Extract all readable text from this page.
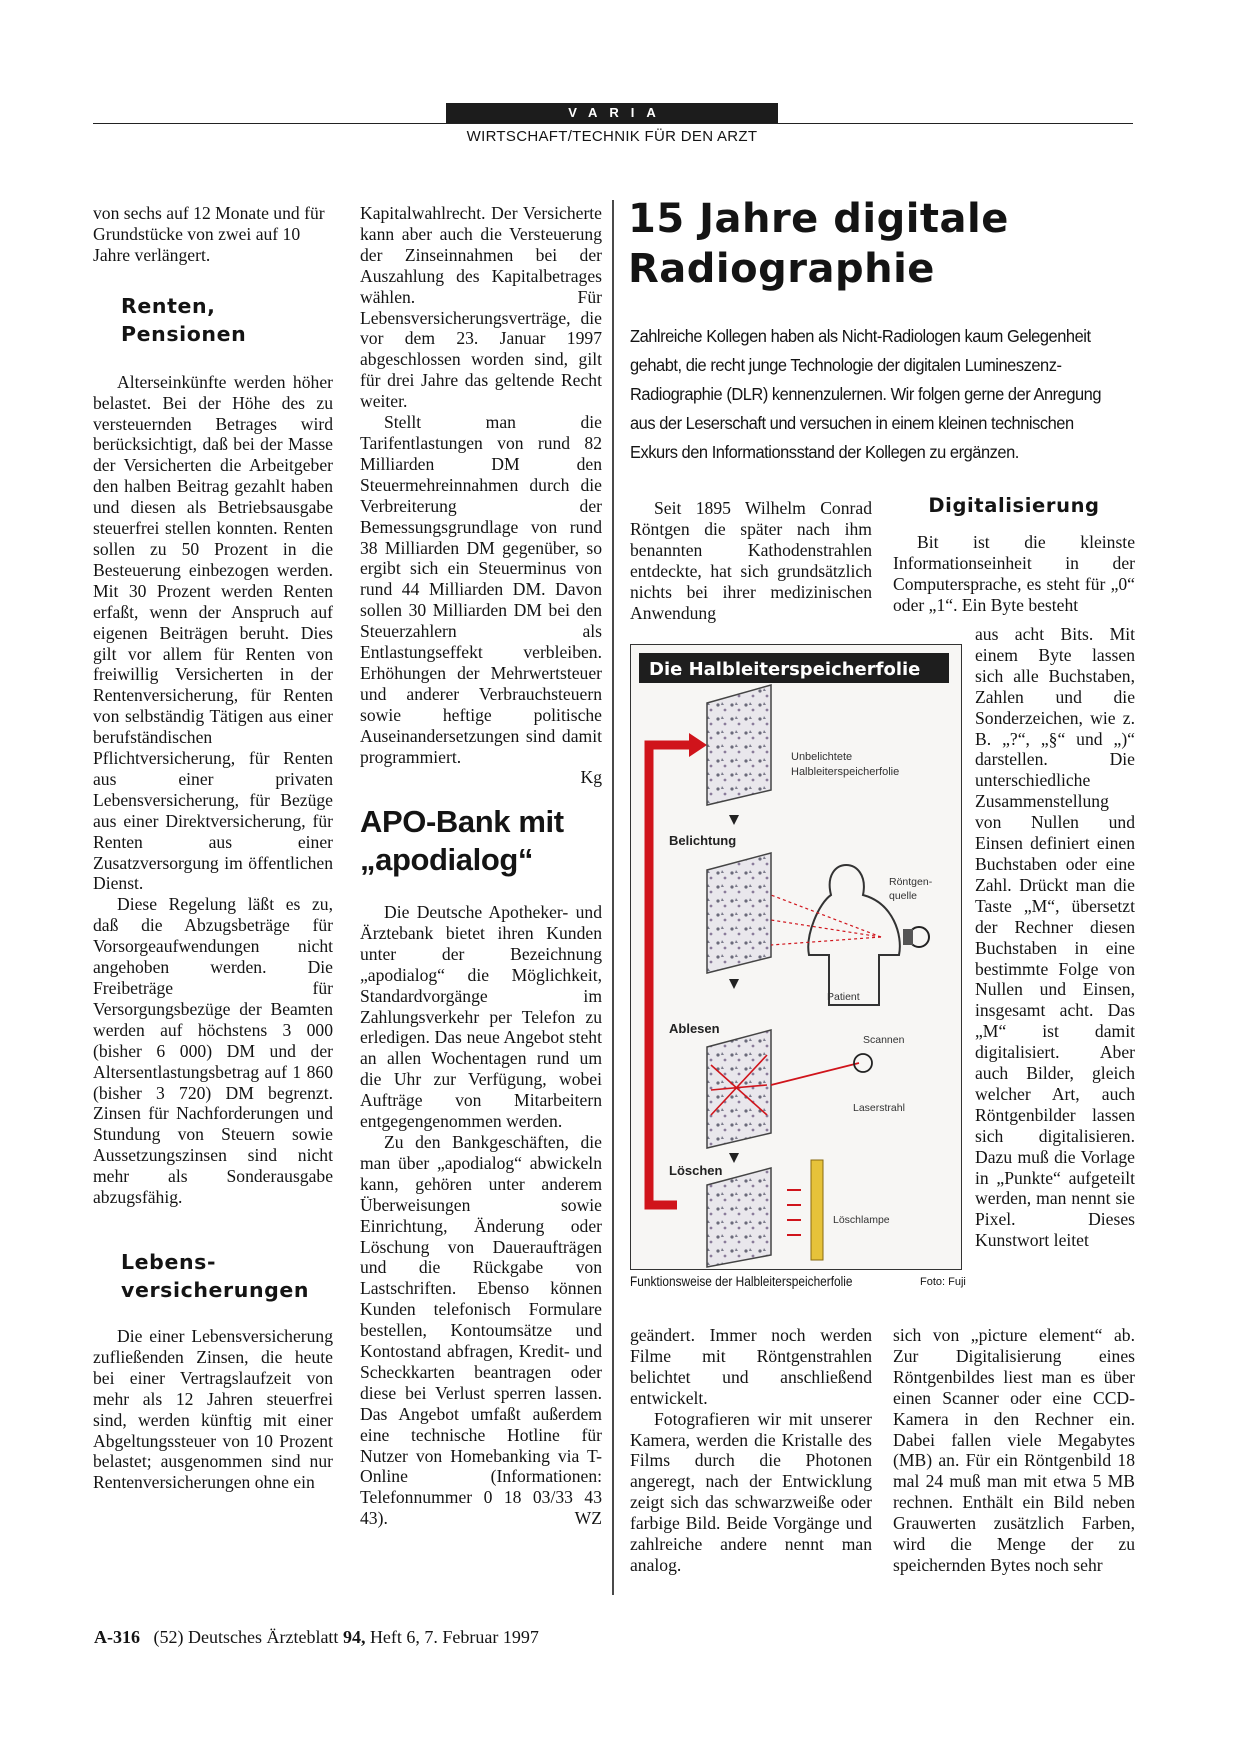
VARIA
WIRTSCHAFT/TECHNIK FÜR DEN ARZT

von sechs auf 12 Monate und für Grundstücke von zwei auf 10 Jahre verlängert.

Renten,

Pensionen

Alterseinkünfte werden höher belastet. Bei der Höhe des zu versteuernden Betrages wird berücksichtigt, daß bei der Masse der Versicherten die Arbeitgeber den halben Beitrag gezahlt haben und diesen als Betriebsausgabe steuerfrei stellen konnten. Renten sollen zu 50 Prozent in die Besteuerung einbezogen werden. Mit 30 Prozent werden Renten erfaßt, wenn der Anspruch auf eigenen Beiträgen beruht. Dies gilt vor allem für Renten von freiwillig Versicherten in der Rentenversicherung, für Renten von selbständig Tätigen aus einer berufständischen Pflichtversicherung, für Renten aus einer privaten Lebensversicherung, für Bezüge aus einer Direktversicherung, für Renten aus einer Zusatzversorgung im öffentlichen Dienst.

Diese Regelung läßt es zu, daß die Abzugsbeträge für Vorsorgeaufwendungen nicht angehoben werden. Die Freibeträge für Versorgungsbezüge der Beamten werden auf höchstens 3 000 (bisher 6 000) DM und der Altersentlastungsbetrag auf 1 860 (bisher 3 720) DM begrenzt. Zinsen für Nachforderungen und Stundung von Steuern sowie Aussetzungszinsen sind nicht mehr als Sonderausgabe abzugsfähig.

Lebens-

versicherungen

Die einer Lebensversicherung zufließenden Zinsen, die heute bei einer Vertragslaufzeit von mehr als 12 Jahren steuerfrei sind, werden künftig mit einer Abgeltungssteuer von 10 Prozent belastet; ausgenommen sind nur Rentenversicherungen ohne ein

Kapitalwahlrecht. Der Versicherte kann aber auch die Versteuerung der Zinseinnahmen bei der Auszahlung des Kapitalbetrages wählen. Für Lebensversicherungsverträge, die vor dem 23. Januar 1997 abgeschlossen worden sind, gilt für drei Jahre das geltende Recht weiter.

Stellt man die Tarifentlastungen von rund 82 Milliarden DM den Steuermehreinnahmen durch die Verbreiterung der Bemessungsgrundlage von rund 38 Milliarden DM gegenüber, so ergibt sich ein Steuerminus von rund 44 Milliarden DM. Davon sollen 30 Milliarden DM bei den Steuerzahlern als Entlastungseffekt verbleiben. Erhöhungen der Mehrwertsteuer und anderer Verbrauchsteuern sowie heftige politische Auseinandersetzungen sind damit programmiert.

Kg

APO-Bank mit
„apodialog“

Die Deutsche Apotheker- und Ärztebank bietet ihren Kunden unter der Bezeichnung „apodialog“ die Möglichkeit, Standardvorgänge im Zahlungsverkehr per Telefon zu erledigen. Das neue Angebot steht an allen Wochentagen rund um die Uhr zur Verfügung, wobei Aufträge von Mitarbeitern entgegengenommen werden.

Zu den Bankgeschäften, die man über „apodialog“ abwickeln kann, gehören unter anderem Überweisungen sowie Einrichtung, Änderung oder Löschung von Daueraufträgen und die Rückgabe von Lastschriften. Ebenso können Kunden telefonisch Formulare bestellen, Kontoumsätze und Kontostand abfragen, Kredit- und Scheckkarten beantragen oder diese bei Verlust sperren lassen. Das Angebot umfaßt außerdem eine technische Hotline für Nutzer von Homebanking via T-Online (Informationen: Telefonnummer 0 18 03/33 43 43).	WZ

15 Jahre digitale
Radiographie

Zahlreiche Kollegen haben als Nicht-Radiologen kaum Gelegenheit gehabt, die recht junge Technologie der digitalen Lumineszenz-Radiographie (DLR) kennenzulernen. Wir folgen gerne der Anregung aus der Leserschaft und versuchen in einem kleinen technischen Exkurs den Informationsstand der Kollegen zu ergänzen.

Seit 1895 Wilhelm Conrad Röntgen die später nach ihm benannten Kathodenstrahlen entdeckte, hat sich grundsätzlich nichts bei ihrer medizinischen Anwendung

Die Halbleiterspeicherfolie
Unbelichtete
Halbleiterspeicherfolie
Belichtung
Röntgen-
quelle
Patient
Ablesen
Scannen
Laserstrahl
Löschen
Löschlampe
Funktionsweise der Halbleiterspeicherfolie	Foto: Fuji

geändert. Immer noch werden Filme mit Röntgenstrahlen belichtet und anschließend entwickelt.

Fotografieren wir mit unserer Kamera, werden die Kristalle des Films durch die Photonen angeregt, nach der Entwicklung zeigt sich das schwarzweiße oder farbige Bild. Beide Vorgänge und zahlreiche andere nennt man analog.

Digitalisierung

Bit ist die kleinste Informationseinheit in der Computersprache, es steht für „0“ oder „1“. Ein Byte besteht

aus acht Bits. Mit einem Byte lassen sich alle Buchstaben, Zahlen und die Sonderzeichen, wie z. B. „?“, „§“ und „)“ darstellen. Die unterschiedliche Zusammenstellung von Nullen und Einsen definiert einen Buchstaben oder eine Zahl. Drückt man die Taste „M“, übersetzt der Rechner diesen Buchstaben in eine bestimmte Folge von Nullen und Einsen, insgesamt acht. Das „M“ ist damit digitalisiert. Aber auch Bilder, gleich welcher Art, auch Röntgenbilder lassen sich digitalisieren. Dazu muß die Vorlage in „Punkte“ aufgeteilt werden, man nennt sie Pixel. Dieses Kunstwort leitet

sich von „picture element“ ab. Zur Digitalisierung eines Röntgenbildes liest man es über einen Scanner oder eine CCD-Kamera in den Rechner ein. Dabei fallen viele Megabytes (MB) an. Für ein Röntgenbild 18 mal 24 muß man mit etwa 5 MB rechnen. Enthält ein Bild neben Grauwerten zusätzlich Farben, wird die Menge der zu speichernden Bytes noch sehr

A-316 (52) Deutsches Ärzteblatt 94, Heft 6, 7. Februar 1997
